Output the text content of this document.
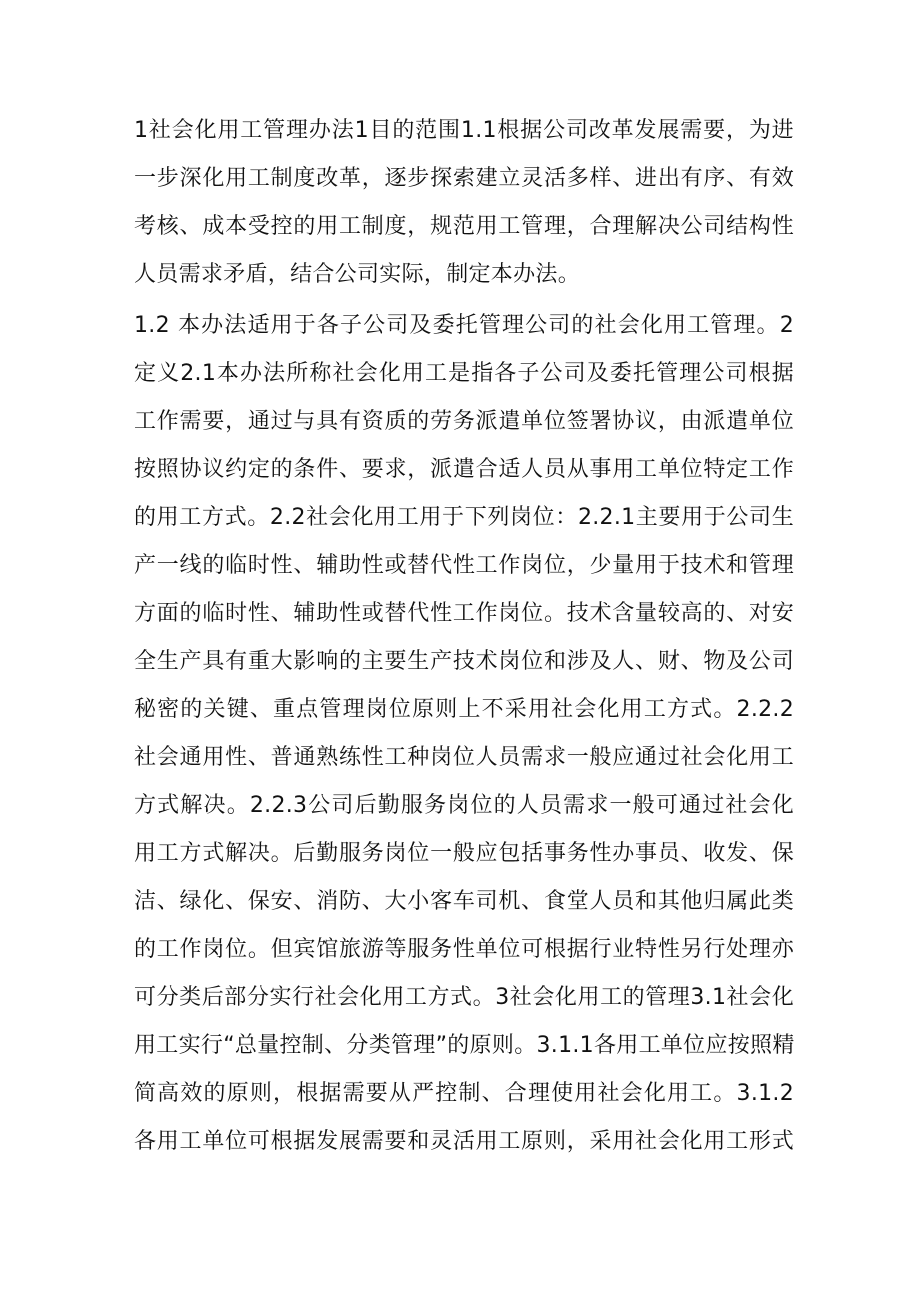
1社会化用工管理办法1目的范围1.1根据公司改革发展需要，为进
一步深化用工制度改革，逐步探索建立灵活多样、进出有序、有效
考核、成本受控的用工制度，规范用工管理，合理解决公司结构性
人员需求矛盾，结合公司实际，制定本办法。
1.2 本办法适用于各子公司及委托管理公司的社会化用工管理。2
定义2.1本办法所称社会化用工是指各子公司及委托管理公司根据
工作需要，通过与具有资质的劳务派遣单位签署协议，由派遣单位
按照协议约定的条件、要求，派遣合适人员从事用工单位特定工作
的用工方式。2.2社会化用工用于下列岗位：2.2.1主要用于公司生
产一线的临时性、辅助性或替代性工作岗位，少量用于技术和管理
方面的临时性、辅助性或替代性工作岗位。技术含量较高的、对安
全生产具有重大影响的主要生产技术岗位和涉及人、财、物及公司
秘密的关键、重点管理岗位原则上不采用社会化用工方式。2.2.2
社会通用性、普通熟练性工种岗位人员需求一般应通过社会化用工
方式解决。2.2.3公司后勤服务岗位的人员需求一般可通过社会化
用工方式解决。后勤服务岗位一般应包括事务性办事员、收发、保
洁、绿化、保安、消防、大小客车司机、食堂人员和其他归属此类
的工作岗位。但宾馆旅游等服务性单位可根据行业特性另行处理亦
可分类后部分实行社会化用工方式。3社会化用工的管理3.1社会化
用工实行“总量控制、分类管理”的原则。3.1.1各用工单位应按照精
简高效的原则，根据需要从严控制、合理使用社会化用工。3.1.2
各用工单位可根据发展需要和灵活用工原则，采用社会化用工形式
